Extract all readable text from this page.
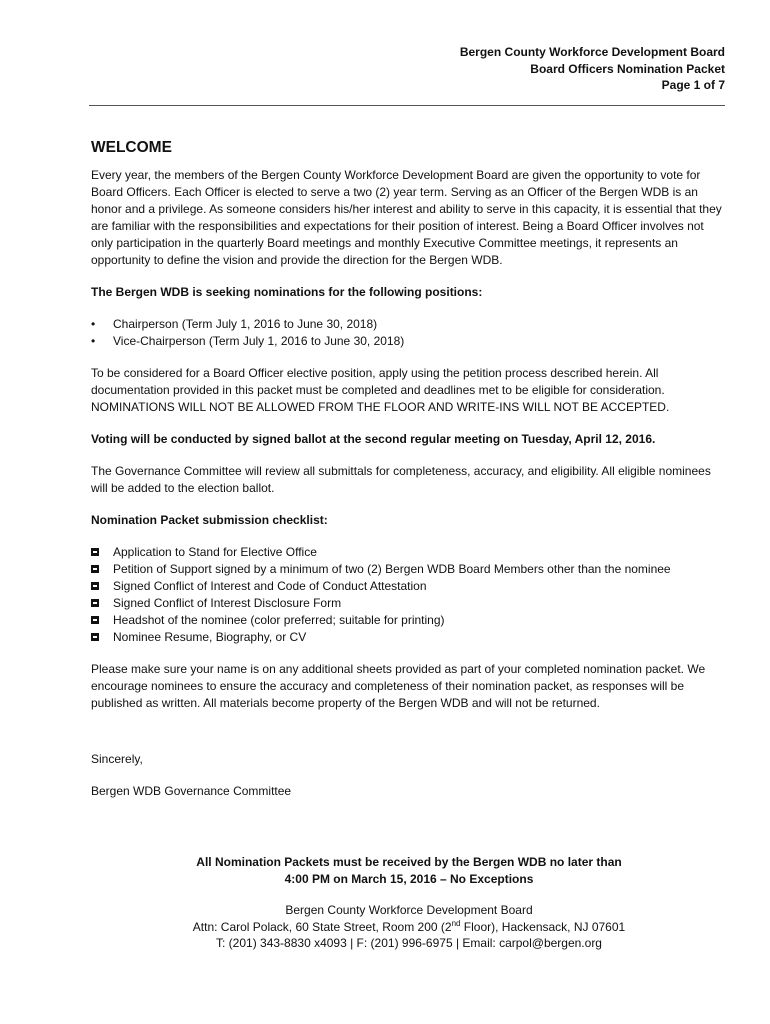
Bergen County Workforce Development Board
Board Officers Nomination Packet
Page 1 of 7
WELCOME

Every year, the members of the Bergen County Workforce Development Board are given the opportunity to vote for Board Officers. Each Officer is elected to serve a two (2) year term. Serving as an Officer of the Bergen WDB is an honor and a privilege. As someone considers his/her interest and ability to serve in this capacity, it is essential that they are familiar with the responsibilities and expectations for their position of interest. Being a Board Officer involves not only participation in the quarterly Board meetings and monthly Executive Committee meetings, it represents an opportunity to define the vision and provide the direction for the Bergen WDB.

The Bergen WDB is seeking nominations for the following positions:

• Chairperson (Term July 1, 2016 to June 30, 2018)
• Vice-Chairperson (Term July 1, 2016 to June 30, 2018)

To be considered for a Board Officer elective position, apply using the petition process described herein. All documentation provided in this packet must be completed and deadlines met to be eligible for consideration. NOMINATIONS WILL NOT BE ALLOWED FROM THE FLOOR AND WRITE-INS WILL NOT BE ACCEPTED.

Voting will be conducted by signed ballot at the second regular meeting on Tuesday, April 12, 2016.

The Governance Committee will review all submittals for completeness, accuracy, and eligibility. All eligible nominees will be added to the election ballot.

Nomination Packet submission checklist:

Application to Stand for Elective Office
Petition of Support signed by a minimum of two (2) Bergen WDB Board Members other than the nominee
Signed Conflict of Interest and Code of Conduct Attestation
Signed Conflict of Interest Disclosure Form
Headshot of the nominee (color preferred; suitable for printing)
Nominee Resume, Biography, or CV

Please make sure your name is on any additional sheets provided as part of your completed nomination packet. We encourage nominees to ensure the accuracy and completeness of their nomination packet, as responses will be published as written. All materials become property of the Bergen WDB and will not be returned.

Sincerely,

Bergen WDB Governance Committee

All Nomination Packets must be received by the Bergen WDB no later than
4:00 PM on March 15, 2016 – No Exceptions
Bergen County Workforce Development Board
Attn: Carol Polack, 60 State Street, Room 200 (2nd Floor), Hackensack, NJ 07601
T: (201) 343-8830 x4093 | F: (201) 996-6975 | Email: carpol@bergen.org
